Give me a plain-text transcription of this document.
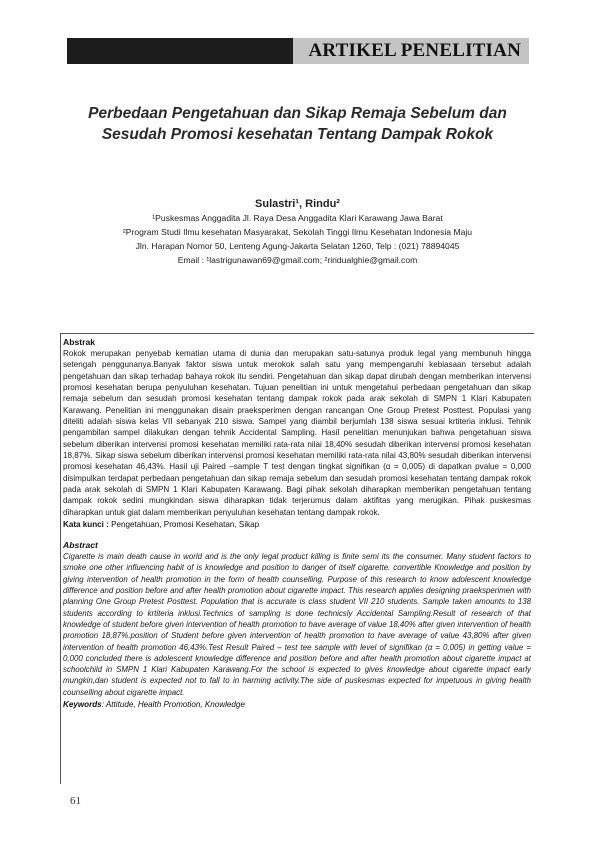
ARTIKEL PENELITIAN
Perbedaan Pengetahuan dan Sikap Remaja Sebelum dan
Sesudah Promosi kesehatan Tentang Dampak Rokok
Sulastri¹, Rindu²
¹Puskesmas Anggadita Jl. Raya Desa Anggadita Klari Karawang Jawa Barat
²Program Studi Ilmu kesehatan Masyarakat, Sekolah Tinggi Ilmu Kesehatan Indonesia Maju
Jln. Harapan Nomor 50, Lenteng Agung-Jakarta Selatan 1260, Telp : (021) 78894045
Email : ¹lastrigunawan69@gmail.com; ²rindualghie@gmail.com
Abstrak
Rokok merupakan penyebab kematian utama di dunia dan merupakan satu-satunya produk legal yang membunuh hingga setengah penggunanya.Banyak faktor siswa untuk merokok salah satu yang mempengaruhi kebiasaan tersebut adalah pengetahuan dan sikap terhadap bahaya rokok itu sendiri. Pengetahuan dan sikap dapat dirubah dengan memberikan intervensi promosi kesehatan berupa penyuluhan kesehatan. Tujuan penelitian ini untuk mengetahui perbedaan pengetahuan dan sikap remaja sebelum dan sesudah promosi kesehatan tentang dampak rokok pada arak sekolah di SMPN 1 Klari Kabupaten Karawang. Penelitian ini menggunakan disain praeksperimen dengan rancangan One Group Pretest Posttest. Populasi yang diteliti adalah siswa kelas VII sebanyak 210 siswa. Sampel yang diambil berjumlah 138 siswa sesuai krtiteria inklusi. Tehnik pengambilan sampel dilakukan dengan tehnik Accidental Sampling. Hasil penelitian menunjukan bahwa pengetahuan siswa sebelum diberikan intervensi promosi kesehatan memiliki rata-rata nilai 18,40% sesudah diberikan intervensi promosi kesehatan 18,87%. Sikap siswa sebelum diberikan intervensi promosi kesehatan memiliki rata-rata nilai 43,80% sesudah diberikan intervensi promosi kesehatan 46,43%. Hasil uji Paired –sample T test dengan tingkat signifikan (α = 0,005) di dapatkan pvalue = 0,000 disimpulkan terdapat perbedaan pengetahuan dan sikap remaja sebelum dan sesudah promosi kesehatan tentang dampak rokok pada arak sekolah di SMPN 1 Klari Kabupaten Karawang. Bagi pihak sekolah diharapkan memberikan pengetahuan tentang dampak rokok sedini mungkindan siswa diharapkan tidak terjerumus dalam aktifitas yang merugikan. Pihak puskesmas diharapkan untuk giat dalam memberikan penyuluhan kesehatan tentang dampak rokok.
Kata kunci : Pengetahuan, Promosi Kesehatan, Sikap
Abstract
Cigarette is main death cause in world and is the only legal product killing is finite semi its the consumer. Many student factors to smoke one other influencing habit of is knowledge and position to danger of itself cigarette. convertible Knowledge and position by giving intervention of health promotion in the form of health counselling. Purpose of this research to know adolescent knowledge difference and position before and after health promotion about cigarette impact. This research applies designing praeksperimen with planning One Group Pretest Posttest. Population that is accurate is class student VII 210 students. Sample taken amounts to 138 students according to krtiteria inklusi.Technics of sampling is done technicsly Accidental Sampling.Result of research of that knowledge of student before given intervention of health promotion to have average of value 18,40% after given intervention of health promotion 18,87%.position of Student before given intervention of health promotion to have average of value 43,80% after given intervention of health promotion 46,43%.Test Result Paired – test tee sample with level of signifikan (α = 0,005) in getting value = 0,000 concluded there is adolescent knowledge difference and position before and after health promotion about cigarette impact at schoolchild in SMPN 1 Klari Kabupaten Karawang.For the school is expected to gives knowledge about cigarette impact early mungkin,dan student is expected not to fall to in harming activity.The side of puskesmas expected for impetuous in giving health counselling about cigarette impact.
Keywords: Attitude, Health Promotion, Knowledge
61
